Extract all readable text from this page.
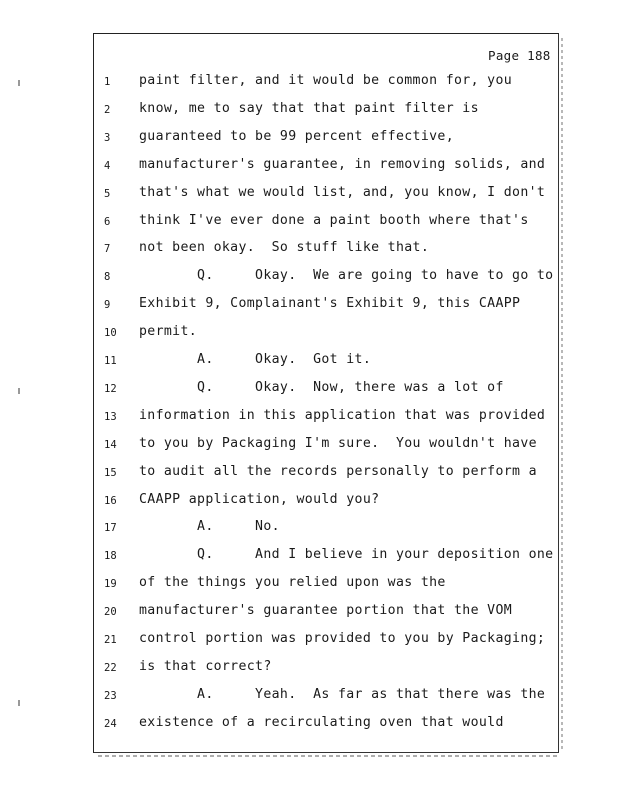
Page 188
1	paint filter, and it would be common for, you
2	know, me to say that that paint filter is
3	guaranteed to be 99 percent effective,
4	manufacturer's guarantee, in removing solids, and
5	that's what we would list, and, you know, I don't
6	think I've ever done a paint booth where that's
7	not been okay.  So stuff like that.
8	Q.     Okay.  We are going to have to go to
9	Exhibit 9, Complainant's Exhibit 9, this CAAPP
10	permit.
11	A.     Okay.  Got it.
12	Q.     Okay.  Now, there was a lot of
13	information in this application that was provided
14	to you by Packaging I'm sure.  You wouldn't have
15	to audit all the records personally to perform a
16	CAAPP application, would you?
17	A.     No.
18	Q.     And I believe in your deposition one
19	of the things you relied upon was the
20	manufacturer's guarantee portion that the VOM
21	control portion was provided to you by Packaging;
22	is that correct?
23	A.     Yeah.  As far as that there was the
24	existence of a recirculating oven that would
